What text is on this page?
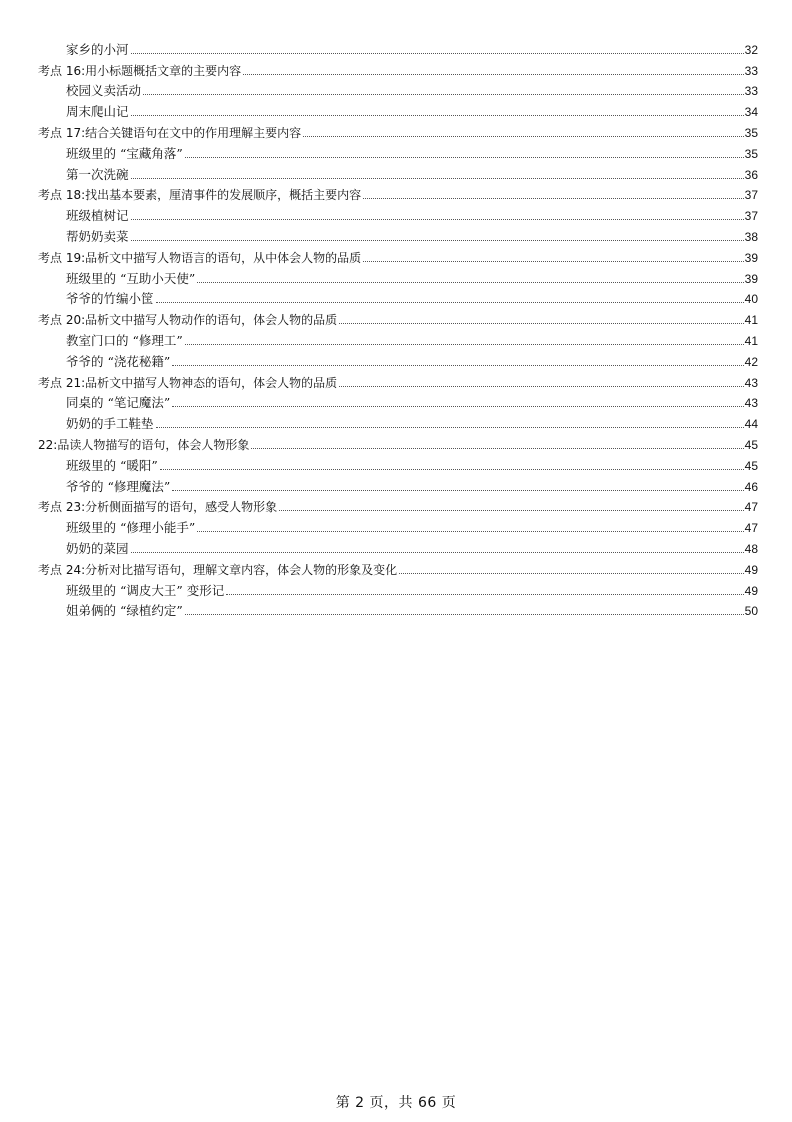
家乡的小河	32
考点 16:用小标题概括文章的主要内容	33
校园义卖活动	33
周末爬山记	34
考点 17:结合关键语句在文中的作用理解主要内容	35
班级里的 “宝藏角落”	35
第一次洗碗	36
考点 18:找出基本要素，厘清事件的发展顺序，概括主要内容	37
班级植树记	37
帮奶奶卖菜	38
考点 19:品析文中描写人物语言的语句，从中体会人物的品质	39
班级里的 “互助小天使”	39
爷爷的竹编小筐	40
考点 20:品析文中描写人物动作的语句，体会人物的品质	41
教室门口的 “修理工”	41
爷爷的 “浇花秘籍”	42
考点 21:品析文中描写人物神态的语句，体会人物的品质	43
同桌的 “笔记魔法”	43
奶奶的手工鞋垫	44
22:品读人物描写的语句，体会人物形象	45
班级里的 “暖阳”	45
爷爷的 “修理魔法”	46
考点 23:分析侧面描写的语句，感受人物形象	47
班级里的 “修理小能手”	47
奶奶的菜园	48
考点 24:分析对比描写语句，理解文章内容，体会人物的形象及变化	49
班级里的 “调皮大王” 变形记	49
姐弟俩的 “绿植约定”	50
第 2 页，共 66 页
